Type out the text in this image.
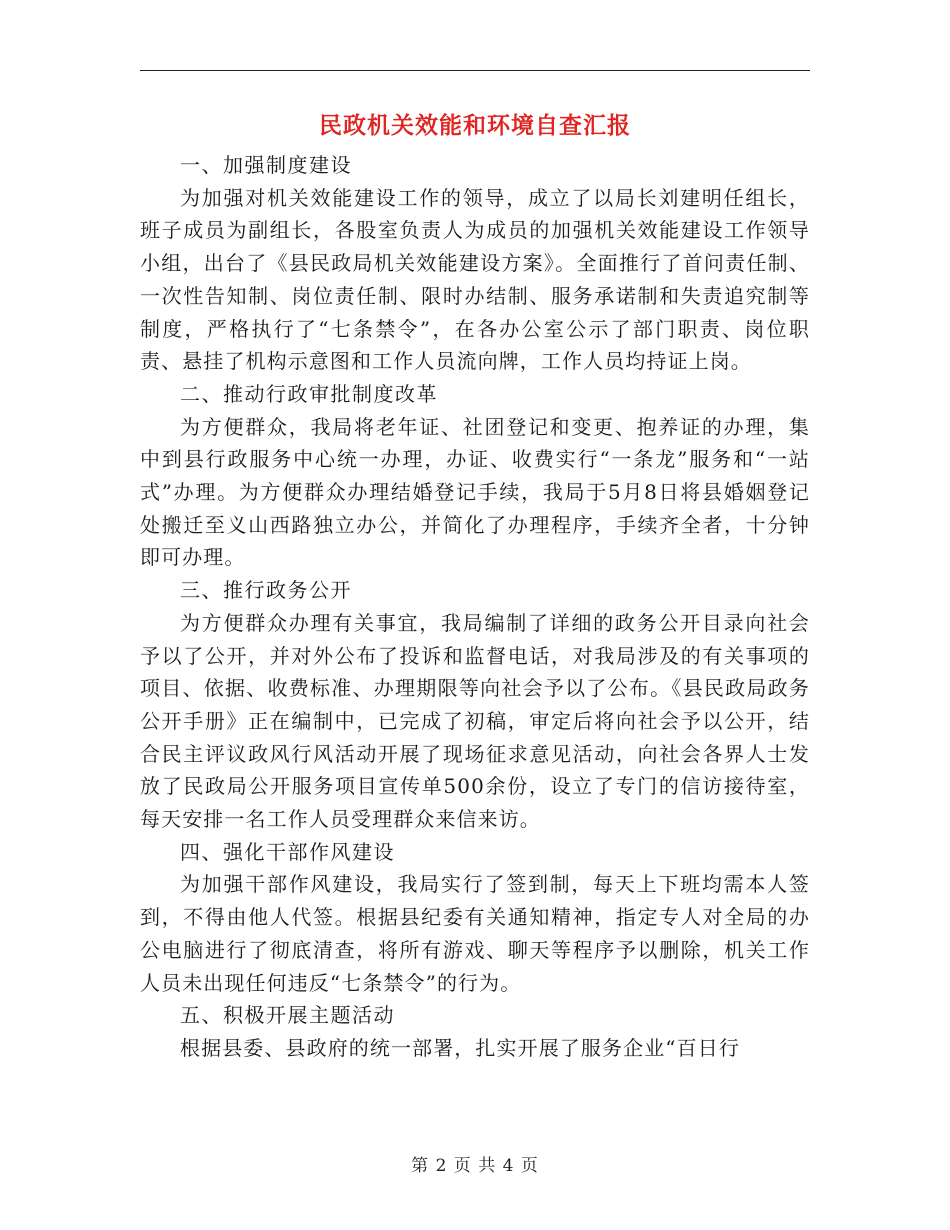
民政机关效能和环境自查汇报

一、加强制度建设

为加强对机关效能建设工作的领导，成立了以局长刘建明任组长，班子成员为副组长，各股室负责人为成员的加强机关效能建设工作领导小组，出台了《县民政局机关效能建设方案》。全面推行了首问责任制、一次性告知制、岗位责任制、限时办结制、服务承诺制和失责追究制等制度，严格执行了“七条禁令”，在各办公室公示了部门职责、岗位职责、悬挂了机构示意图和工作人员流向牌，工作人员均持证上岗。

二、推动行政审批制度改革

为方便群众，我局将老年证、社团登记和变更、抱养证的办理，集中到县行政服务中心统一办理，办证、收费实行“一条龙”服务和“一站式”办理。为方便群众办理结婚登记手续，我局于5月8日将县婚姻登记处搬迁至义山西路独立办公，并简化了办理程序，手续齐全者，十分钟即可办理。

三、推行政务公开

为方便群众办理有关事宜，我局编制了详细的政务公开目录向社会予以了公开，并对外公布了投诉和监督电话，对我局涉及的有关事项的项目、依据、收费标准、办理期限等向社会予以了公布。《县民政局政务公开手册》正在编制中，已完成了初稿，审定后将向社会予以公开，结合民主评议政风行风活动开展了现场征求意见活动，向社会各界人士发放了民政局公开服务项目宣传单500余份，设立了专门的信访接待室，每天安排一名工作人员受理群众来信来访。

四、强化干部作风建设

为加强干部作风建设，我局实行了签到制，每天上下班均需本人签到，不得由他人代签。根据县纪委有关通知精神，指定专人对全局的办公电脑进行了彻底清查，将所有游戏、聊天等程序予以删除，机关工作人员未出现任何违反“七条禁令”的行为。

五、积极开展主题活动

根据县委、县政府的统一部署，扎实开展了服务企业“百日行

第 2 页 共 4 页
